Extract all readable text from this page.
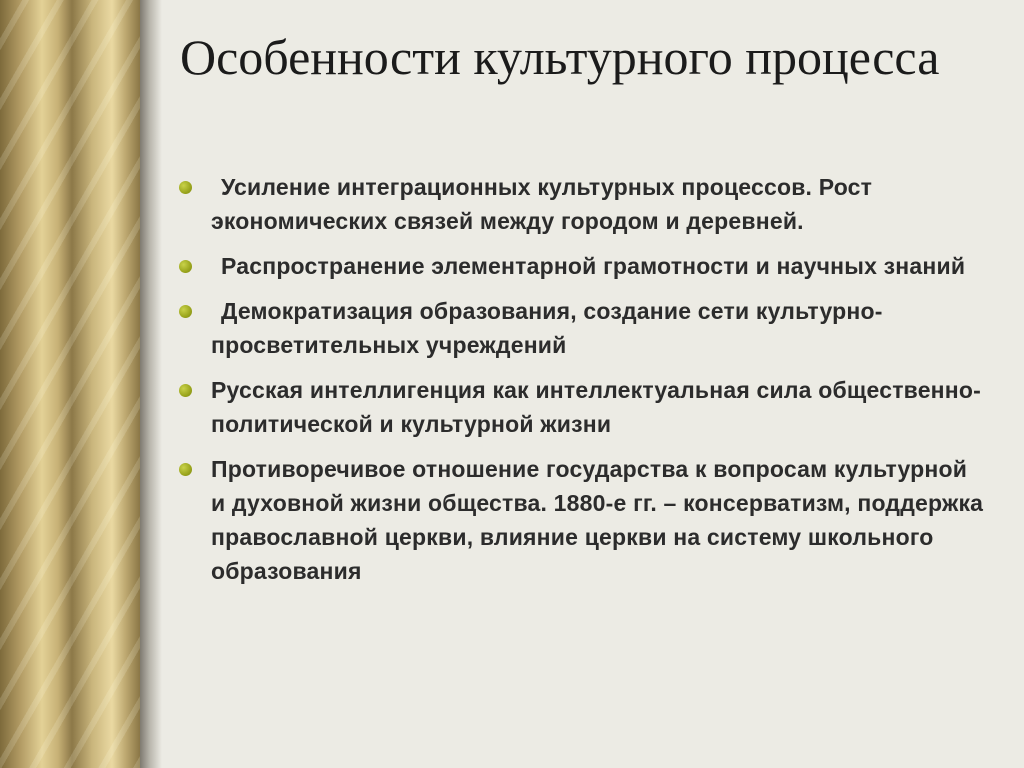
Особенности культурного процесса
Усиление интеграционных культурных процессов. Рост экономических связей между городом и деревней.
Распространение элементарной грамотности и научных знаний
Демократизация образования, создание сети культурно-просветительных учреждений
Русская интеллигенция как интеллектуальная сила общественно-политической и культурной жизни
Противоречивое отношение государства к вопросам культурной и духовной жизни общества. 1880-е гг. – консерватизм, поддержка православной церкви, влияние церкви на систему школьного образования
